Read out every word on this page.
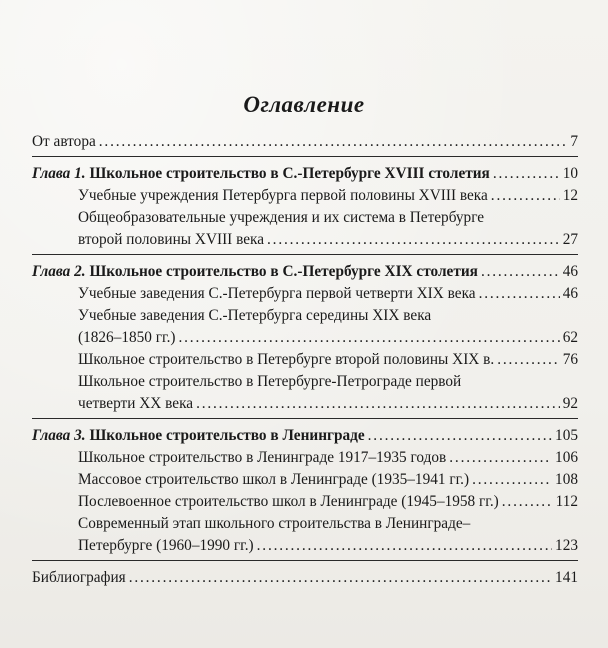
Оглавление
От автора . . .	7
Глава 1. Школьное строительство в С.-Петербурге XVIII столетия . . .	10
Учебные учреждения Петербурга первой половины XVIII века . . .	12
Общеобразовательные учреждения и их система в Петербурге
второй половины XVIII века . . .	27
Глава 2. Школьное строительство в С.-Петербурге XIX столетия . . .	46
Учебные заведения С.-Петербурга первой четверти XIX века . . .	46
Учебные заведения С.-Петербурга середины XIX века
(1826–1850 гг.) . . .	62
Школьное строительство в Петербурге второй половины XIX в. . . .	76
Школьное строительство в Петербурге-Петрограде первой
четверти XX века . . .	92
Глава 3. Школьное строительство в Ленинграде . . .	105
Школьное строительство в Ленинграде 1917–1935 годов . . .	106
Массовое строительство школ в Ленинграде (1935–1941 гг.) . . .	108
Послевоенное строительство школ в Ленинграде (1945–1958 гг.) . . .	112
Современный этап школьного строительства в Ленинграде–
Петербурге (1960–1990 гг.) . . .	123
Библиография . . .	141
